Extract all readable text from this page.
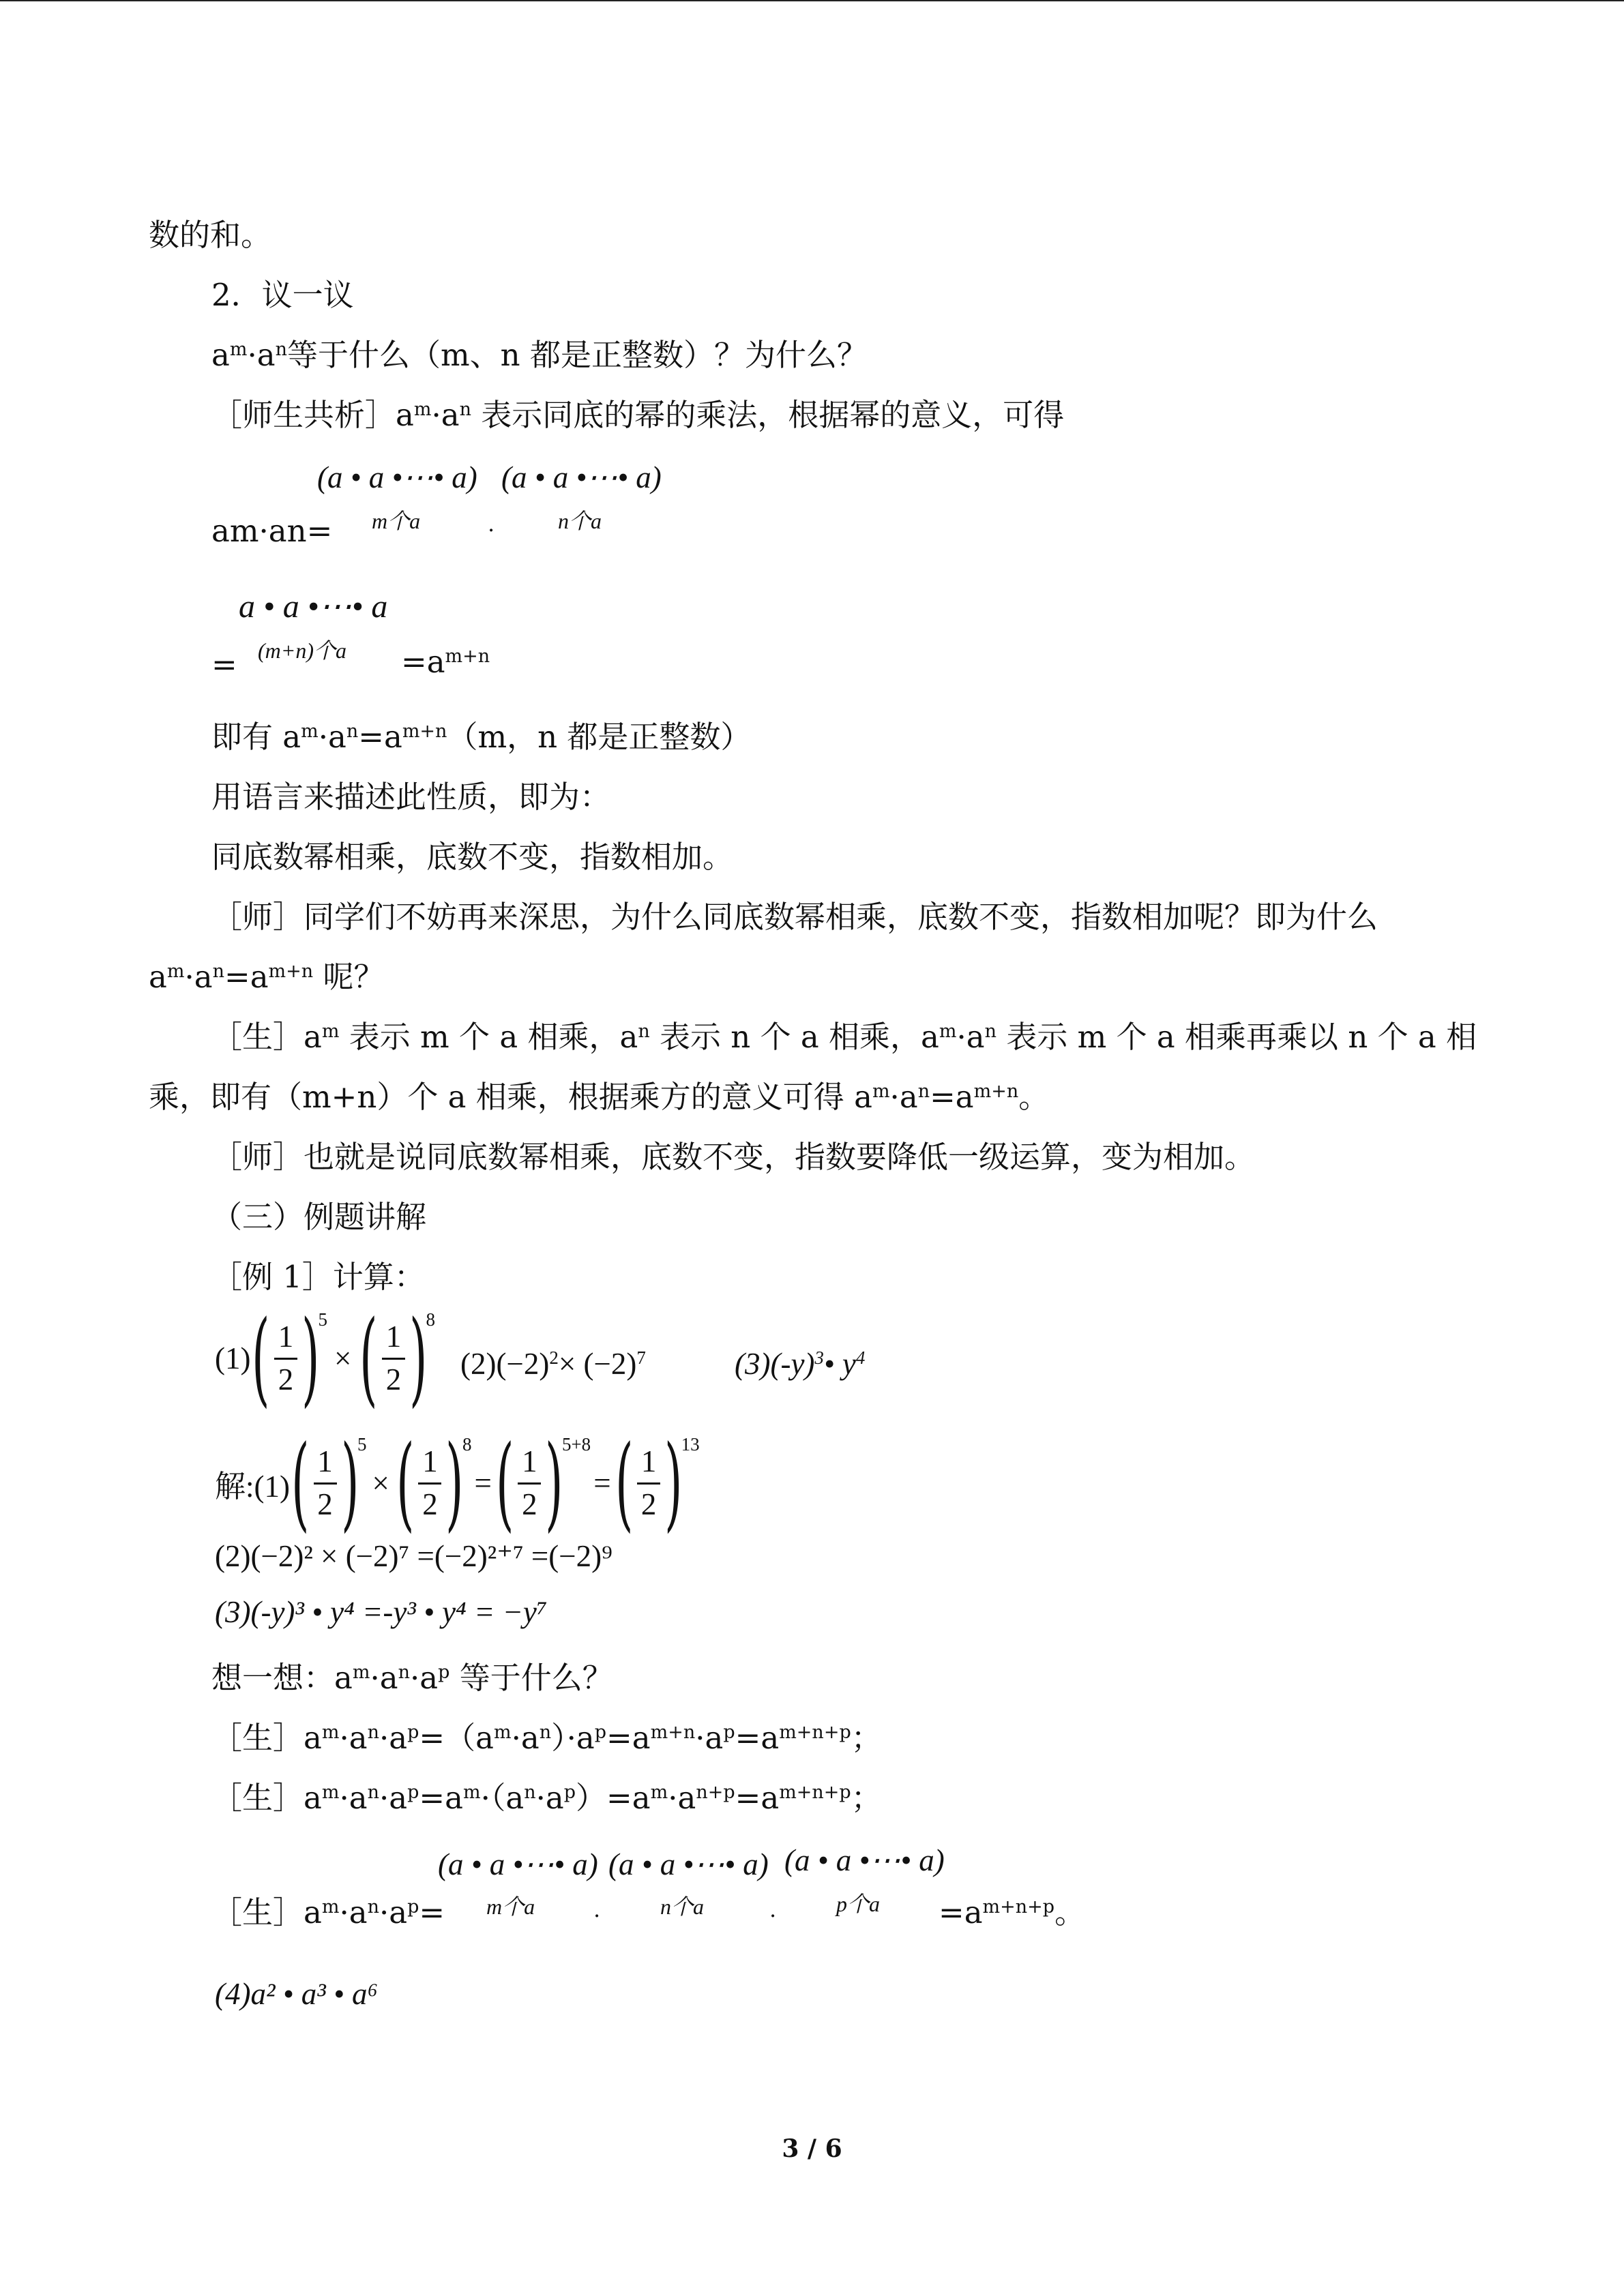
数的和。
2．议一议
$a^m\cdot a^n$等于什么（m、n 都是正整数）？为什么？
［师生共析$]a^m\cdot a^n$ 表示同底的幂的乘法，根据幂的意义，可得
(a • a •⋯• a) (a • a •⋯• a)
am·an= m个a	.	n个a
a • a •⋯• a
= (m+n)个$a =a^{m+n}$
即有 $a^m\cdot a^n=a^{m+n}(m$，n 都是正整数）
用语言来描述此性质，即为：
同底数幂相乘，底数不变，指数相加。
［师］同学们不妨再来深思，为什么同底数幂相乘，底数不变，指数相加呢？即为什么
$a^m\cdot a^n=a^{m+n}$ 呢？
［生$]a^m$ 表示 m 个 a 相乘，$a^n$ 表示 n 个 a 相乘，$a^m\cdot a^n$ 表示 m 个 a 相乘再乘以 n 个 a 相
乘，即有（m+n）个 a 相乘，根据乘方的意义可得 $a^m\cdot a^n=a^{m+n}$。
［师］也就是说同底数幂相乘，底数不变，指数要降低一级运算，变为相加。
（三）例题讲解
［例 1］计算：
(1) ( $\frac{1}{2}$ )
5
× ( $\frac{1}{2}$ )
8
$(2)(-2)^2\times (-2)^7$	$(3)(-y)^3•$ $y^4$
解:(1) ( $\frac{1}{2}$ )
5
× ( $\frac{1}{2}$ )
8
= ( $\frac{1}{2}$ )
5+8
= ( $\frac{1}{2}$ )
13
(2)(−2)² × (−2)⁷ =(−2)²⁺⁷ =(−2)⁹
(3)(-y)³ • y⁴ =-y³ • y⁴ = −y⁷
想一想：$a^m\cdot a^n\cdot a^p$ 等于什么？
［生$]a^m\cdot a^n\cdot a^p=(a^m\cdot a^n)\cdot a^p=a^{m+n}\cdot a^p=a^{m+n+p}$；
［生$]a^m\cdot a^n\cdot a^p=a^m\cdot(a^n\cdot a^p)=a^m\cdot a^{n+p}=a^{m+n+p}$；
(a • a •⋯• a) (a • a •⋯• a) (a • a •⋯• a)
［生$]a^m\cdot a^n\cdot a^p= m$个a	.	n个a	.	p个$a =a^{m+n+p}$。
(4)a² • a³ • a⁶
3 / 6
